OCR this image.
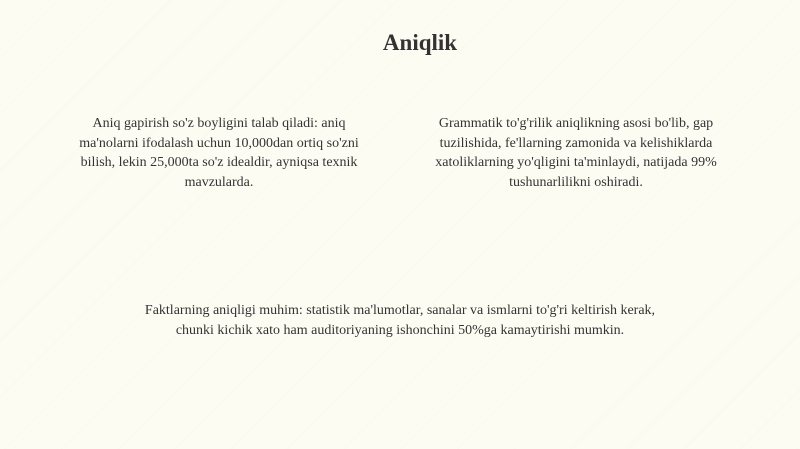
Aniqlik

Aniq gapirish so'z boyligini talab qiladi: aniq ma'nolarni ifodalash uchun 10,000dan ortiq so'zni bilish, lekin 25,000ta so'z idealdir, ayniqsa texnik mavzularda.

Grammatik to'g'rilik aniqlikning asosi bo'lib, gap tuzilishida, fe'llarning zamonida va kelishiklarda xatoliklarning yo'qligini ta'minlaydi, natijada 99% tushunarlilikni oshiradi.

Faktlarning aniqligi muhim: statistik ma'lumotlar, sanalar va ismlarni to'g'ri keltirish kerak, chunki kichik xato ham auditoriyaning ishonchini 50%ga kamaytirishi mumkin.
